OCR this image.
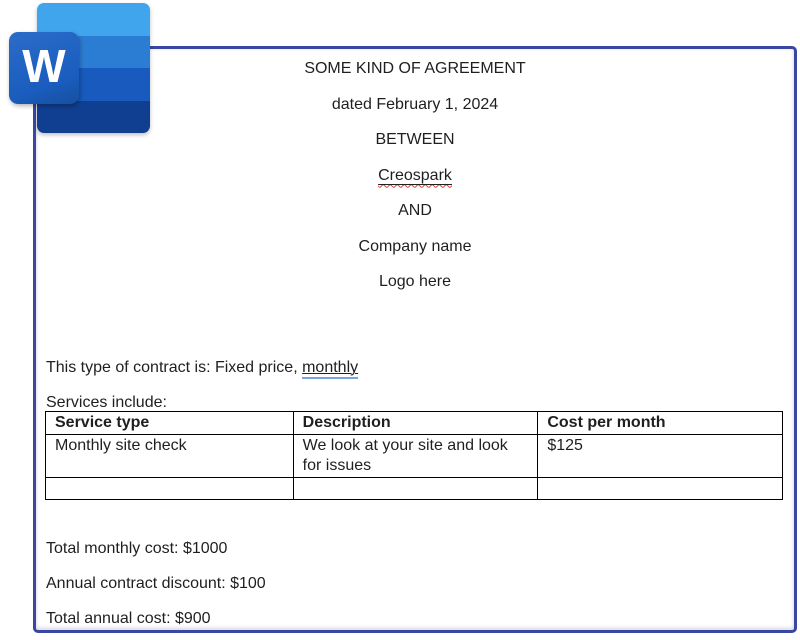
SOME KIND OF AGREEMENT

dated February 1, 2024

BETWEEN

Creospark

AND

Company name

Logo here

This type of contract is: Fixed price, monthly

Services include:

Service type	Description	Cost per month
Monthly site check	We look at your site and look for issues	$125

Total monthly cost: $1000

Annual contract discount: $100

Total annual cost: $900

W
